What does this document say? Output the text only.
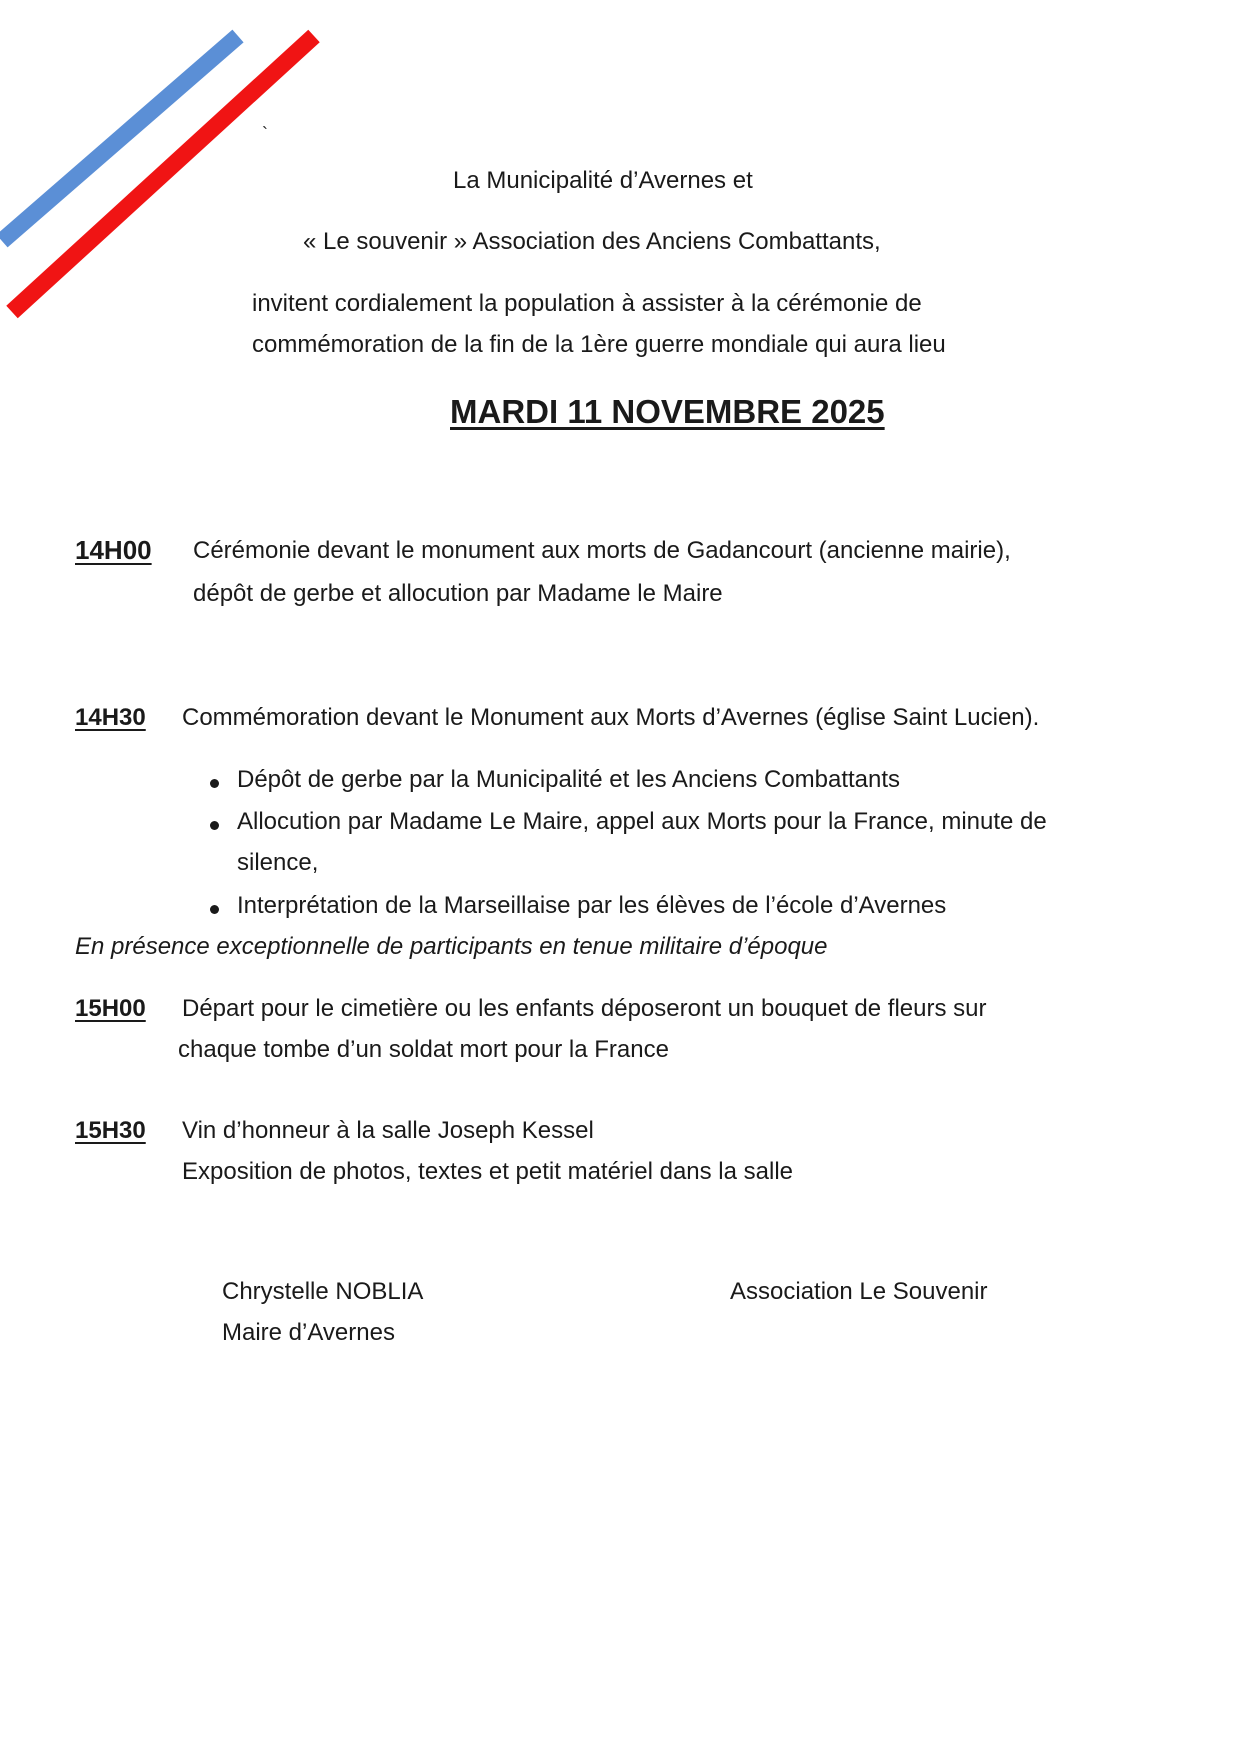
`
La Municipalité d’Avernes et
« Le souvenir » Association des Anciens Combattants,
invitent cordialement la population à assister à la cérémonie de
commémoration de la fin de la 1ère guerre mondiale qui aura lieu
MARDI 11 NOVEMBRE 2025
14H00 Cérémonie devant le monument aux morts de Gadancourt (ancienne mairie),
dépôt de gerbe et allocution par Madame le Maire
14H30 Commémoration devant le Monument aux Morts d’Avernes (église Saint Lucien).
Dépôt de gerbe par la Municipalité et les Anciens Combattants
Allocution par Madame Le Maire, appel aux Morts pour la France, minute de
silence,
Interprétation de la Marseillaise par les élèves de l’école d’Avernes
En présence exceptionnelle de participants en tenue militaire d’époque
15H00 Départ pour le cimetière ou les enfants déposeront un bouquet de fleurs sur
chaque tombe d’un soldat mort pour la France
15H30 Vin d’honneur à la salle Joseph Kessel
Exposition de photos, textes et petit matériel dans la salle
Chrystelle NOBLIA
Maire d’Avernes
Association Le Souvenir
